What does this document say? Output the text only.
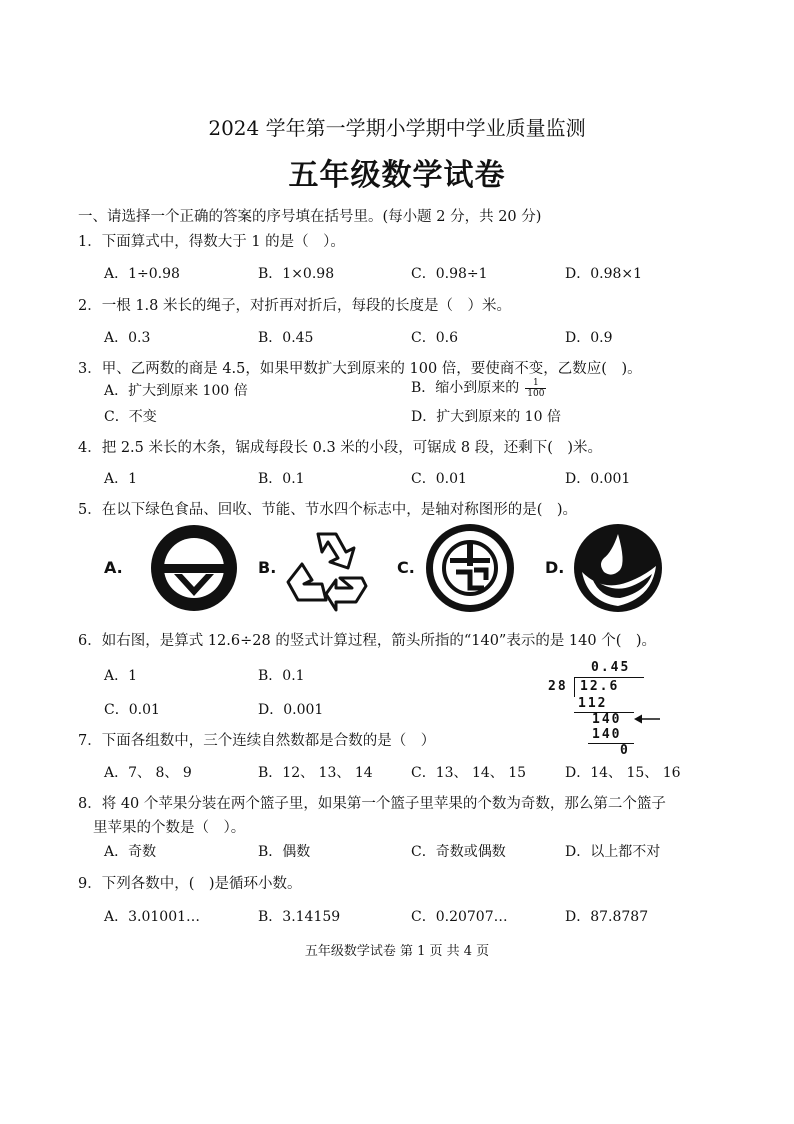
2024 学年第一学期小学期中学业质量监测
五年级数学试卷
一、请选择一个正确的答案的序号填在括号里。(每小题 2 分，共 20 分)
1．下面算式中，得数大于 1 的是（　）。
A．1÷0.98	B．1×0.98	C．0.98÷1	D．0.98×1
2．一根 1.8 米长的绳子，对折再对折后，每段的长度是（　）米。
A．0.3	B．0.45	C．0.6	D．0.9
3．甲、乙两数的商是 4.5，如果甲数扩大到原来的 100 倍，要使商不变，乙数应(　)。
A．扩大到原来 100 倍	B．缩小到原来的 $\frac{1}{100}$
C．不变	D．扩大到原来的 10 倍
4．把 2.5 米长的木条，锯成每段长 0.3 米的小段，可锯成 8 段，还剩下(　)米。
A．1	B．0.1	C．0.01	D．0.001
5．在以下绿色食品、回收、节能、节水四个标志中，是轴对称图形的是(　)。
A.	B.	C.	D.
6．如右图，是算式 12.6÷28 的竖式计算过程，箭头所指的“140”表示的是 140 个(　)。
A．1	B．0.1
C．0.01	D．0.001
0.45
28 12.6
112
140
140
0
7．下面各组数中，三个连续自然数都是合数的是（　）
A．7、 8、 9	B．12、 13、 14	C．13、 14、 15	D．14、 15、 16
8．将 40 个苹果分装在两个篮子里，如果第一个篮子里苹果的个数为奇数，那么第二个篮子
里苹果的个数是（　）。
A．奇数	B．偶数	C．奇数或偶数	D．以上都不对
9．下列各数中，(　)是循环小数。
A．3.01001…	B．3.14159	C．0.20707…	D．87.8787
五年级数学试卷 第 1 页 共 4 页
